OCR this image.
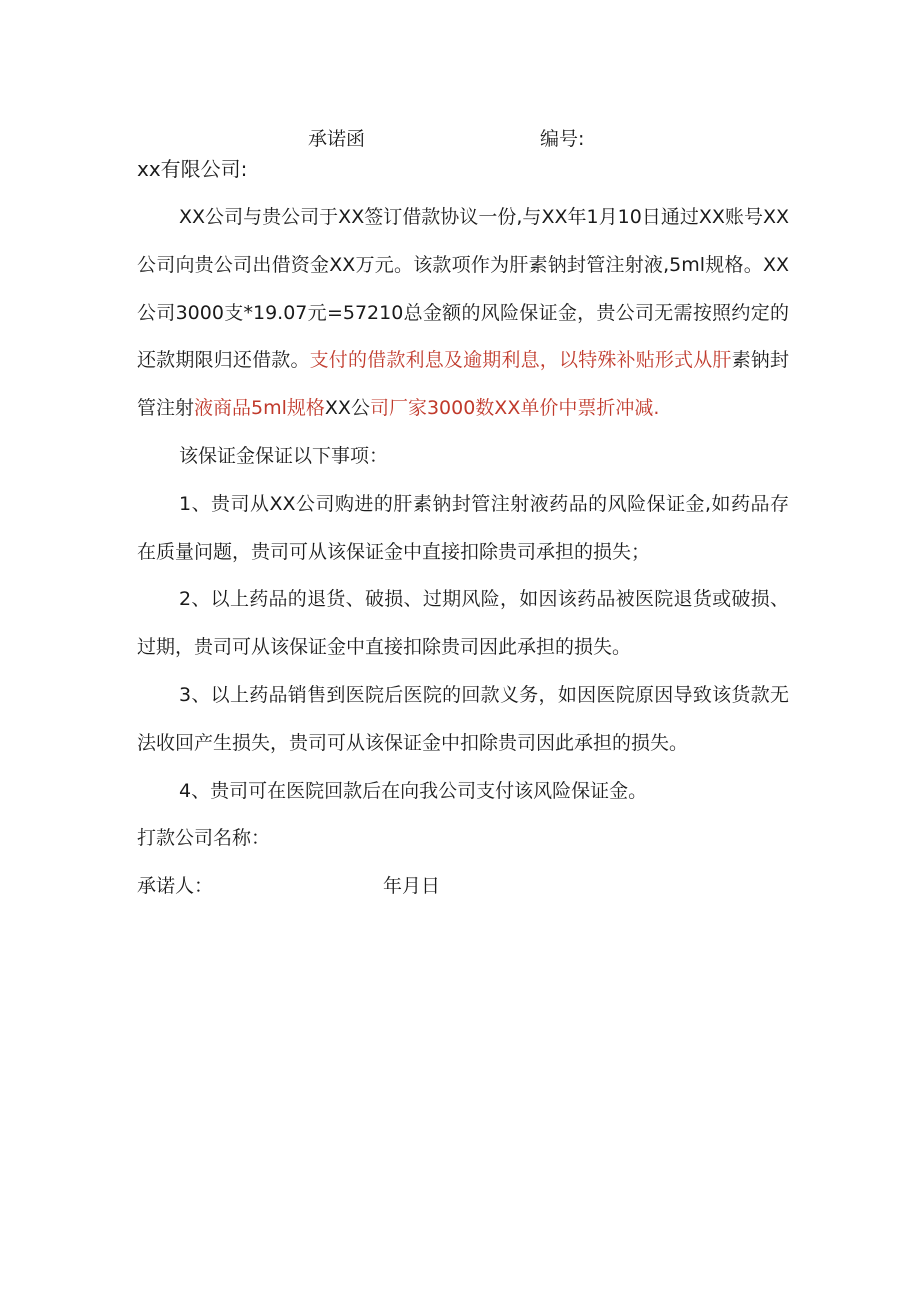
承诺函	编号:
xx有限公司:

XX公司与贵公司于XX签订借款协议一份,与XX年1月10日通过XX账号XX公司向贵公司出借资金XX万元。该款项作为肝素钠封管注射液,5ml规格。XX公司3000支*19.07元=57210总金额的风险保证金，贵公司无需按照约定的还款期限归还借款。支付的借款利息及逾期利息，以特殊补贴形式从肝素钠封管注射液商品5ml规格XX公司厂家3000数XX单价中票折冲减.

该保证金保证以下事项：

1、贵司从XX公司购进的肝素钠封管注射液药品的风险保证金,如药品存在质量问题，贵司可从该保证金中直接扣除贵司承担的损失；

2、以上药品的退货、破损、过期风险，如因该药品被医院退货或破损、过期，贵司可从该保证金中直接扣除贵司因此承担的损失。

3、以上药品销售到医院后医院的回款义务，如因医院原因导致该货款无法收回产生损失，贵司可从该保证金中扣除贵司因此承担的损失。

4、贵司可在医院回款后在向我公司支付该风险保证金。

打款公司名称：

承诺人：	年月日
